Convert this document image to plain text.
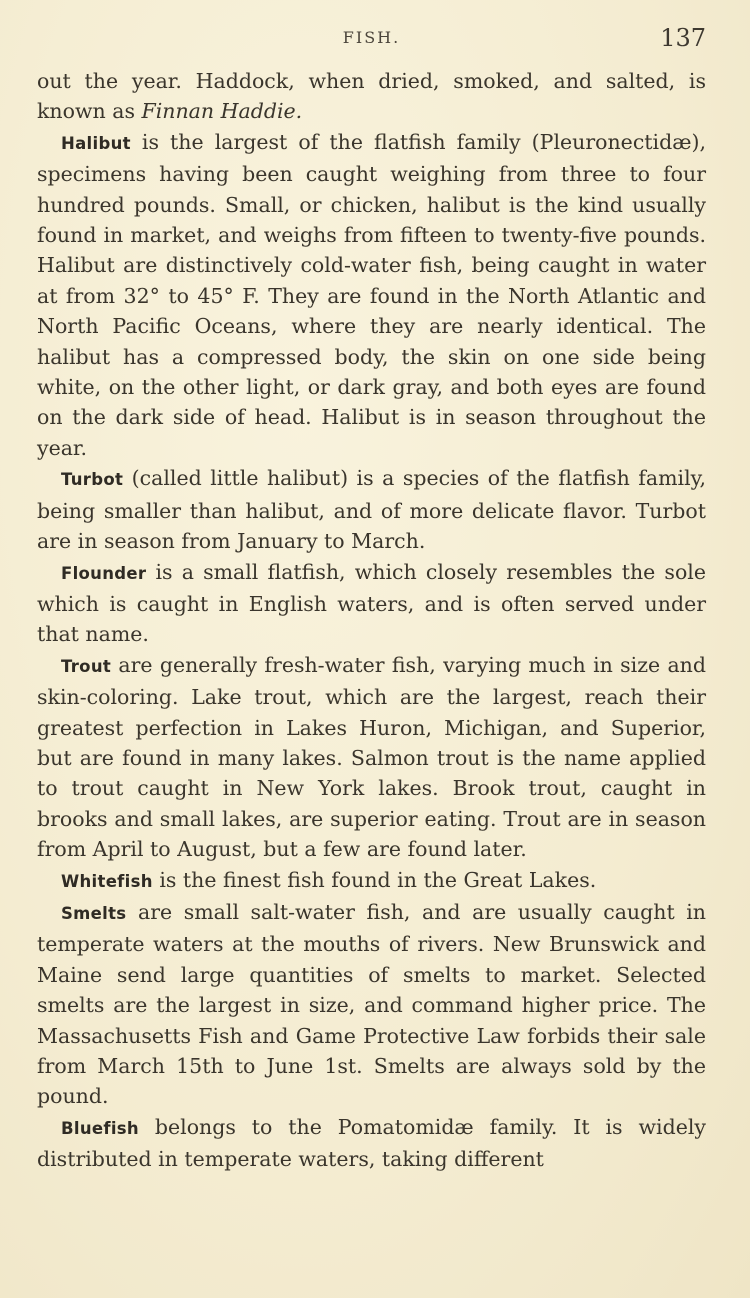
FISH.	137

out the year. Haddock, when dried, smoked, and salted, is known as Finnan Haddie.

Halibut is the largest of the flatfish family (Pleuronectidæ), specimens having been caught weighing from three to four hundred pounds. Small, or chicken, halibut is the kind usually found in market, and weighs from fifteen to twenty-five pounds. Halibut are distinctively cold-water fish, being caught in water at from 32° to 45° F. They are found in the North Atlantic and North Pacific Oceans, where they are nearly identical. The halibut has a compressed body, the skin on one side being white, on the other light, or dark gray, and both eyes are found on the dark side of head. Halibut is in season throughout the year.

Turbot (called little halibut) is a species of the flatfish family, being smaller than halibut, and of more delicate flavor. Turbot are in season from January to March.

Flounder is a small flatfish, which closely resembles the sole which is caught in English waters, and is often served under that name.

Trout are generally fresh-water fish, varying much in size and skin-coloring. Lake trout, which are the largest, reach their greatest perfection in Lakes Huron, Michigan, and Superior, but are found in many lakes. Salmon trout is the name applied to trout caught in New York lakes. Brook trout, caught in brooks and small lakes, are superior eating. Trout are in season from April to August, but a few are found later.

Whitefish is the finest fish found in the Great Lakes.

Smelts are small salt-water fish, and are usually caught in temperate waters at the mouths of rivers. New Brunswick and Maine send large quantities of smelts to market. Selected smelts are the largest in size, and command higher price. The Massachusetts Fish and Game Protective Law forbids their sale from March 15th to June 1st. Smelts are always sold by the pound.

Bluefish belongs to the Pomatomidæ family. It is widely distributed in temperate waters, taking different
